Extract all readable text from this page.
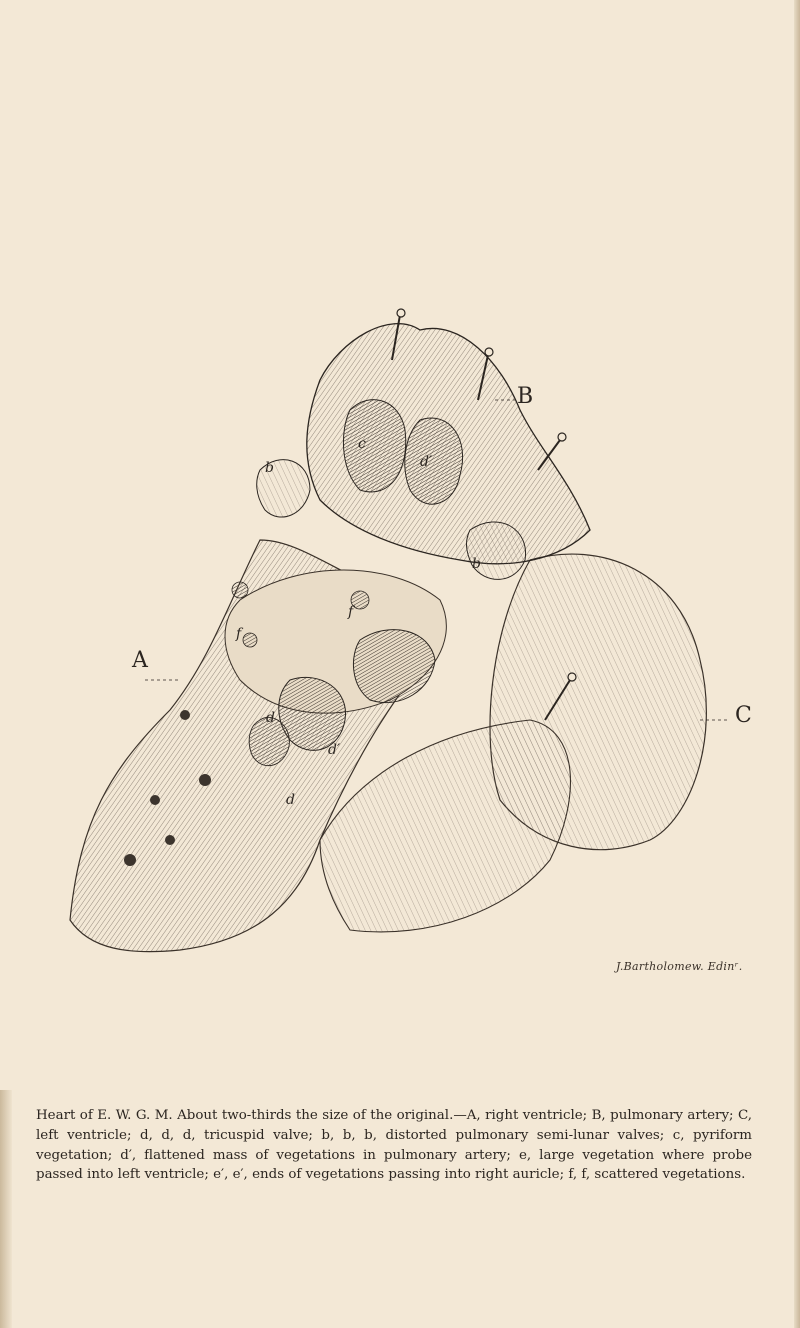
A
B
C
c
d′
b
b
f
f
d
d′
d
J.Bartholomew. Edinʳ.

Heart of E. W. G. M. About two-thirds the size of the original.—A, right ventricle; B, pulmonary artery; C, left ventricle; d, d, d, tricuspid valve; b, b, b, distorted pulmonary semi-lunar valves; c, pyriform vegetation; d′, flattened mass of vegetations in pulmonary artery; e, large vegetation where probe passed into left ventricle; e′, e′, ends of vegetations passing into right auricle; f, f, scattered vegetations.
